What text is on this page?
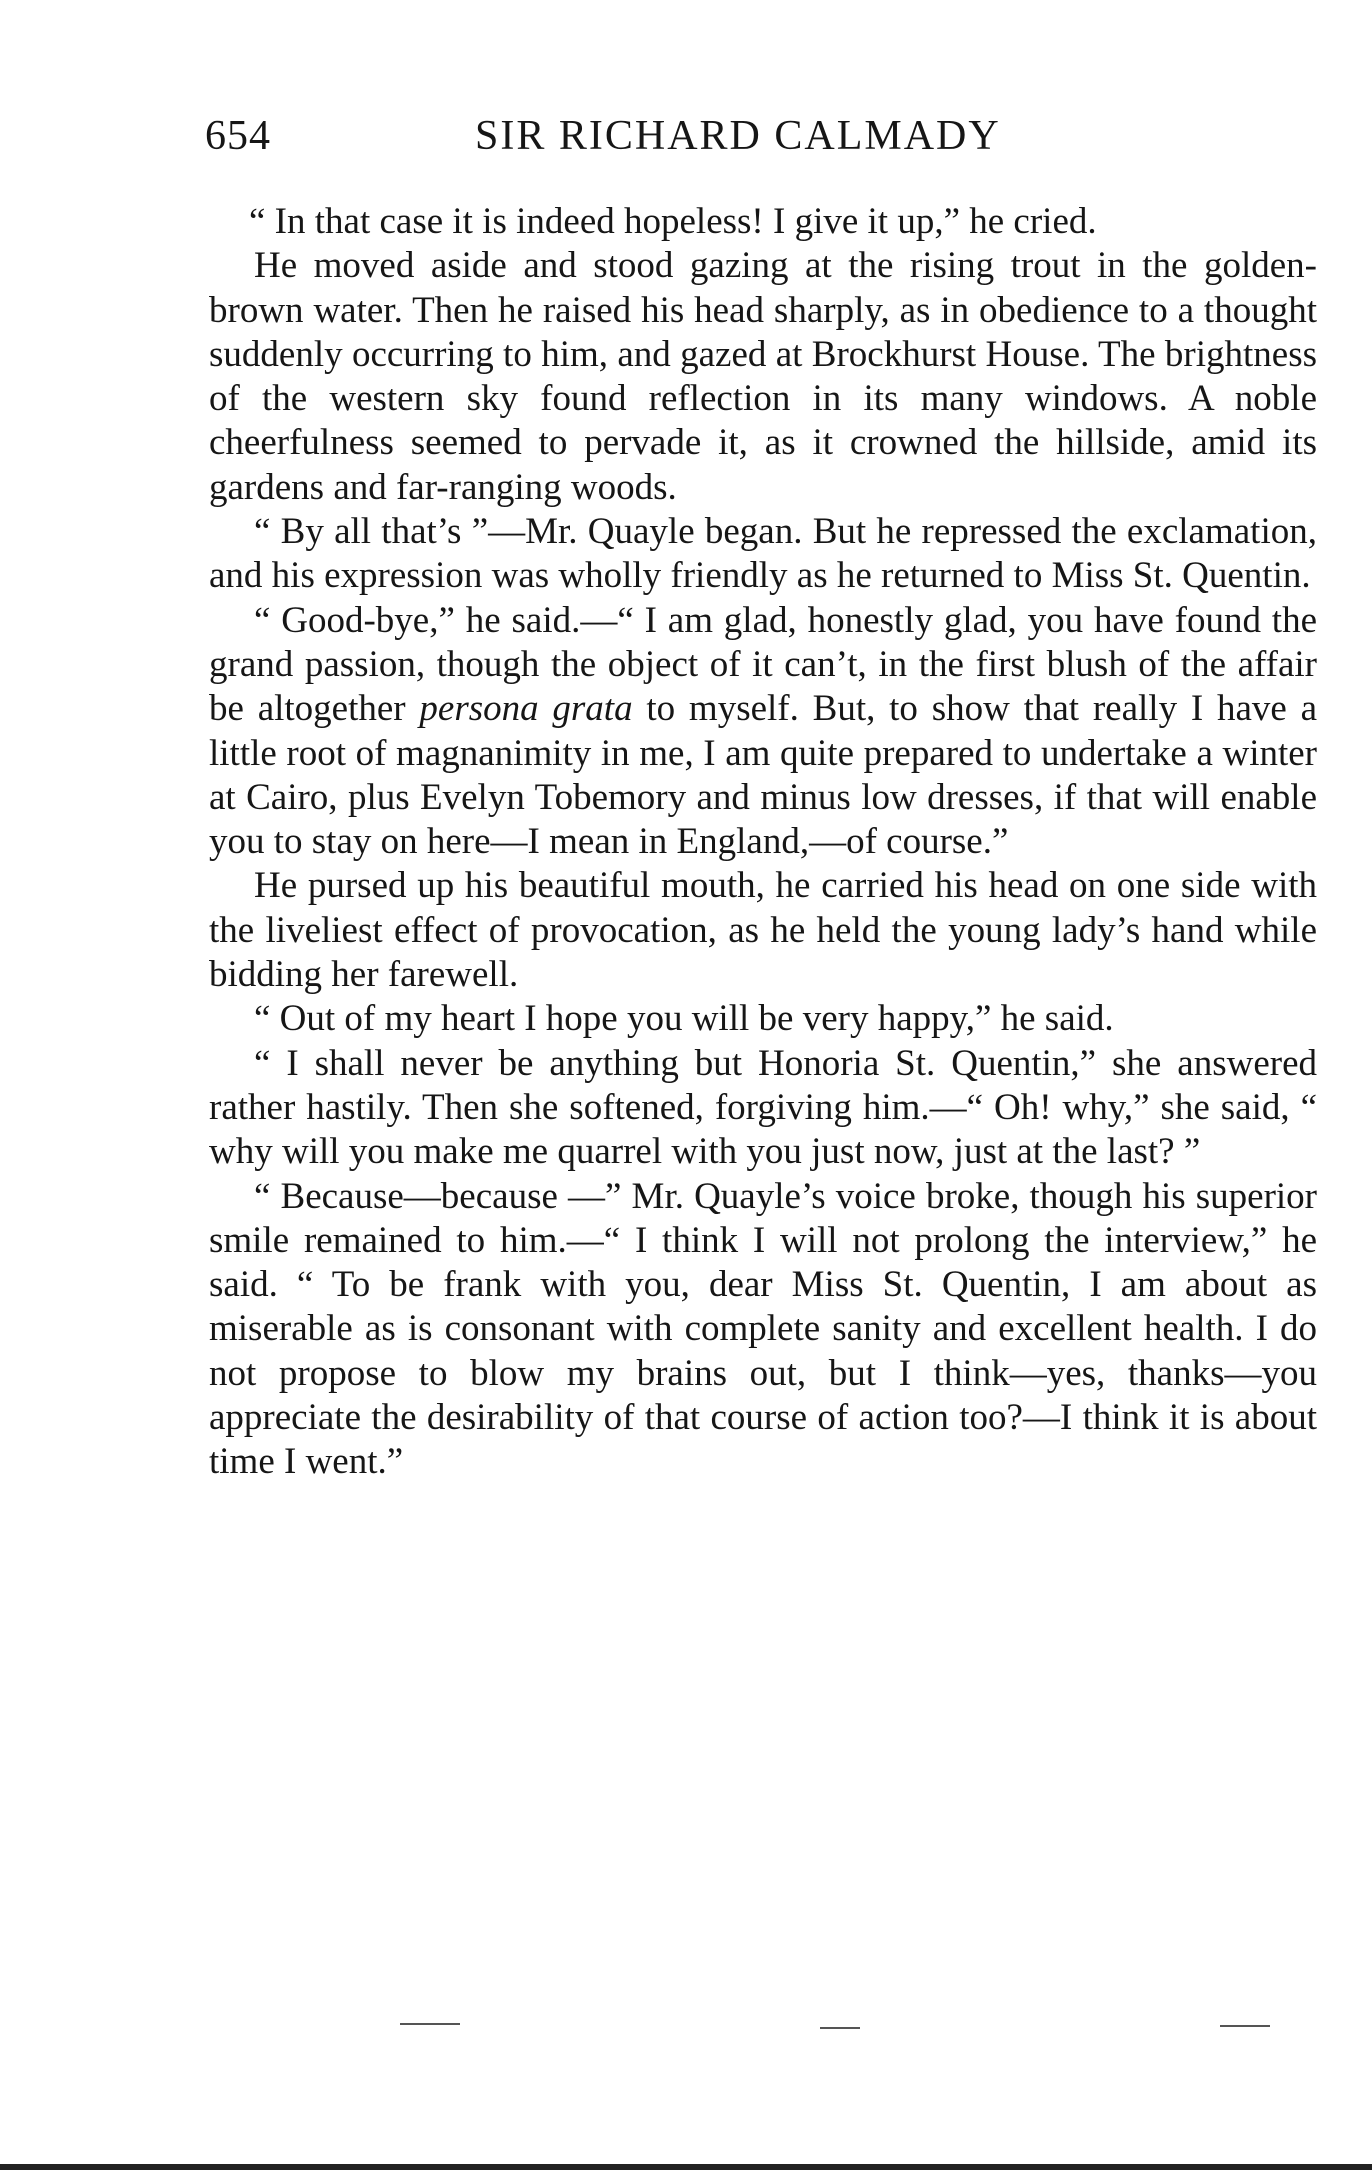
654	SIR RICHARD CALMADY

“ In that case it is indeed hopeless! I give it up,” he cried.

He moved aside and stood gazing at the rising trout in the golden-brown water. Then he raised his head sharply, as in obedience to a thought suddenly occurring to him, and gazed at Brockhurst House. The brightness of the western sky found reflection in its many windows. A noble cheerfulness seemed to pervade it, as it crowned the hillside, amid its gardens and far-ranging woods.

“ By all that’s ”—Mr. Quayle began. But he repressed the exclamation, and his expression was wholly friendly as he returned to Miss St. Quentin.

“ Good-bye,” he said.—“ I am glad, honestly glad, you have found the grand passion, though the object of it can’t, in the first blush of the affair be altogether persona grata to myself. But, to show that really I have a little root of magnanimity in me, I am quite prepared to undertake a winter at Cairo, plus Evelyn Tobemory and minus low dresses, if that will enable you to stay on here—I mean in England,—of course.”

He pursed up his beautiful mouth, he carried his head on one side with the liveliest effect of provocation, as he held the young lady’s hand while bidding her farewell.

“ Out of my heart I hope you will be very happy,” he said.

“ I shall never be anything but Honoria St. Quentin,” she answered rather hastily. Then she softened, forgiving him.—“ Oh! why,” she said, “ why will you make me quarrel with you just now, just at the last? ”

“ Because—because —” Mr. Quayle’s voice broke, though his superior smile remained to him.—“ I think I will not prolong the interview,” he said. “ To be frank with you, dear Miss St. Quentin, I am about as miserable as is consonant with complete sanity and excellent health. I do not propose to blow my brains out, but I think—yes, thanks—you appreciate the desirability of that course of action too?—I think it is about time I went.”
